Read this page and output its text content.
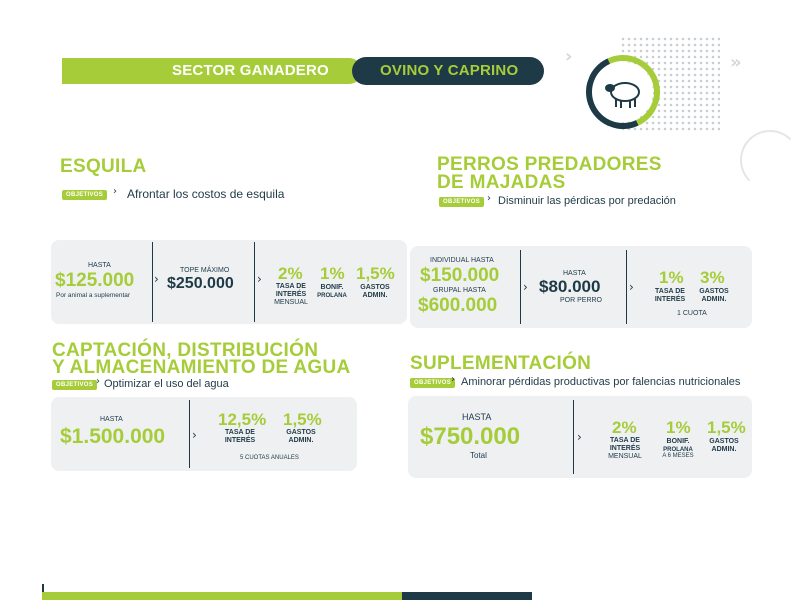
SECTOR GANADERO	OVINO Y CAPRINO
›	»
ESQUILA
OBJETIVOS › Afrontar los costos de esquila
HASTA
$125.000
Por animal a suplementar
›
TOPE MÁXIMO
$250.000 › 2%
TASA DE
INTERÉS
MENSUAL
1%
BONIF.
PROLANA
1,5%
GASTOS
ADMIN.
PERROS PREDADORES
DE MAJADAS
OBJETIVOS › Disminuir las pérdicas por predación
INDIVIDUAL HASTA
$150.000
GRUPAL HASTA
$600.000
›
HASTA
$80.000
POR PERRO
› 1%
TASA DE
INTERÉS
3%
GASTOS
ADMIN.
1 CUOTA
CAPTACIÓN, DISTRIBUCIÓN
Y ALMACENAMIENTO DE AGUA
OBJETIVOS › Optimizar el uso del agua
HASTA
$1.500.000 ›
12,5%
TASA DE
INTERÉS
1,5%
GASTOS
ADMIN.
5 CUOTAS ANUALES
SUPLEMENTACIÓN
OBJETIVOS › Aminorar pérdidas productivas por falencias nutricionales
HASTA
$750.000
Total
› 2%
TASA DE
INTERÉS
MENSUAL
1%
BONIF.
PROLANA
A 6 MESES
1,5%
GASTOS
ADMIN.
